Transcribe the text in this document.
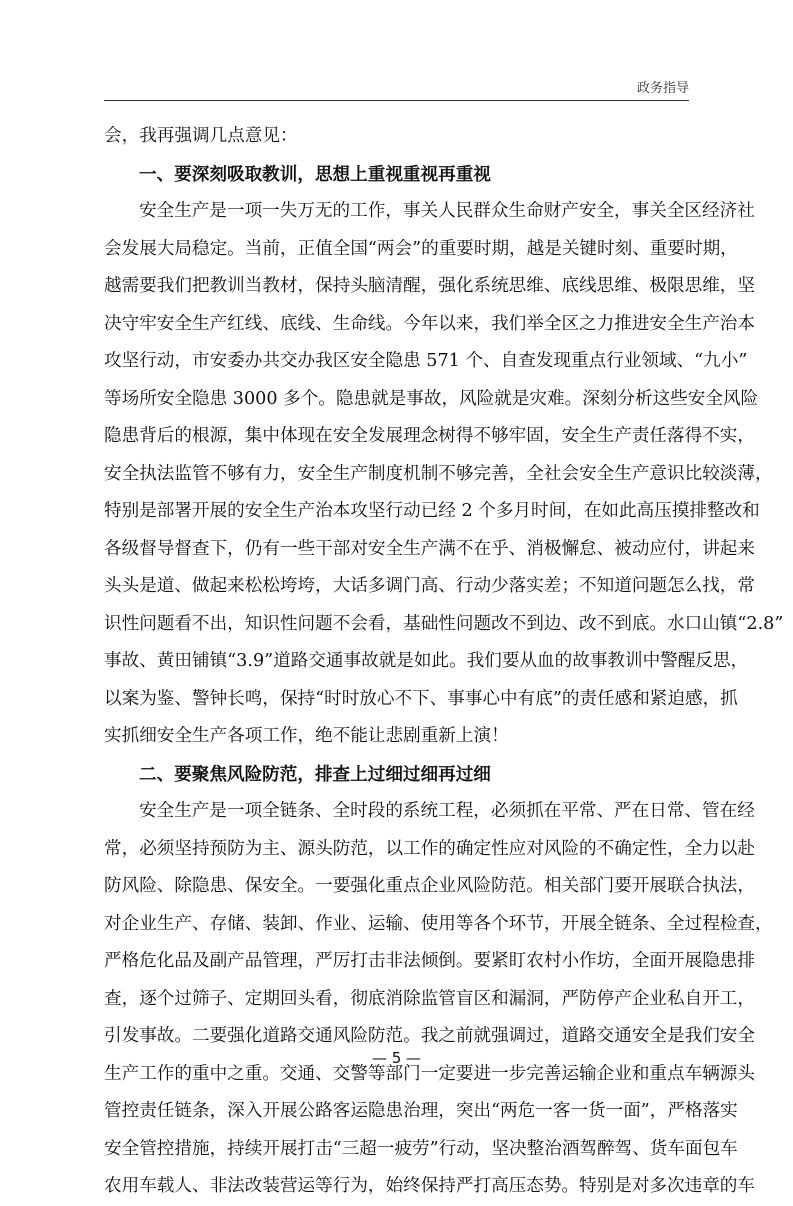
政务指导
会，我再强调几点意见：
一、要深刻吸取教训，思想上重视重视再重视
安全生产是一项一失万无的工作，事关人民群众生命财产安全，事关全区经济社
会发展大局稳定。当前，正值全国“两会”的重要时期，越是关键时刻、重要时期，
越需要我们把教训当教材，保持头脑清醒，强化系统思维、底线思维、极限思维，坚
决守牢安全生产红线、底线、生命线。今年以来，我们举全区之力推进安全生产治本
攻坚行动，市安委办共交办我区安全隐患 571 个、自查发现重点行业领域、“九小”
等场所安全隐患 3000 多个。隐患就是事故，风险就是灾难。深刻分析这些安全风险
隐患背后的根源，集中体现在安全发展理念树得不够牢固，安全生产责任落得不实，
安全执法监管不够有力，安全生产制度机制不够完善，全社会安全生产意识比较淡薄，
特别是部署开展的安全生产治本攻坚行动已经 2 个多月时间，在如此高压摸排整改和
各级督导督查下，仍有一些干部对安全生产满不在乎、消极懈怠、被动应付，讲起来
头头是道、做起来松松垮垮，大话多调门高、行动少落实差；不知道问题怎么找，常
识性问题看不出，知识性问题不会看，基础性问题改不到边、改不到底。水口山镇“2.8”
事故、黄田铺镇“3.9”道路交通事故就是如此。我们要从血的故事教训中警醒反思，
以案为鉴、警钟长鸣，保持“时时放心不下、事事心中有底”的责任感和紧迫感，抓
实抓细安全生产各项工作，绝不能让悲剧重新上演！
二、要聚焦风险防范，排查上过细过细再过细
安全生产是一项全链条、全时段的系统工程，必须抓在平常、严在日常、管在经
常，必须坚持预防为主、源头防范，以工作的确定性应对风险的不确定性，全力以赴
防风险、除隐患、保安全。一要强化重点企业风险防范。相关部门要开展联合执法，
对企业生产、存储、装卸、作业、运输、使用等各个环节，开展全链条、全过程检查，
严格危化品及副产品管理，严厉打击非法倾倒。要紧盯农村小作坊，全面开展隐患排
查，逐个过筛子、定期回头看，彻底消除监管盲区和漏洞，严防停产企业私自开工，
引发事故。二要强化道路交通风险防范。我之前就强调过，道路交通安全是我们安全
生产工作的重中之重。交通、交警等部门一定要进一步完善运输企业和重点车辆源头
管控责任链条，深入开展公路客运隐患治理，突出“两危一客一货一面”，严格落实
安全管控措施，持续开展打击“三超一疲劳”行动，坚决整治酒驾醉驾、货车面包车
农用车载人、非法改装营运等行为，始终保持严打高压态势。特别是对多次违章的车
— 5 —
